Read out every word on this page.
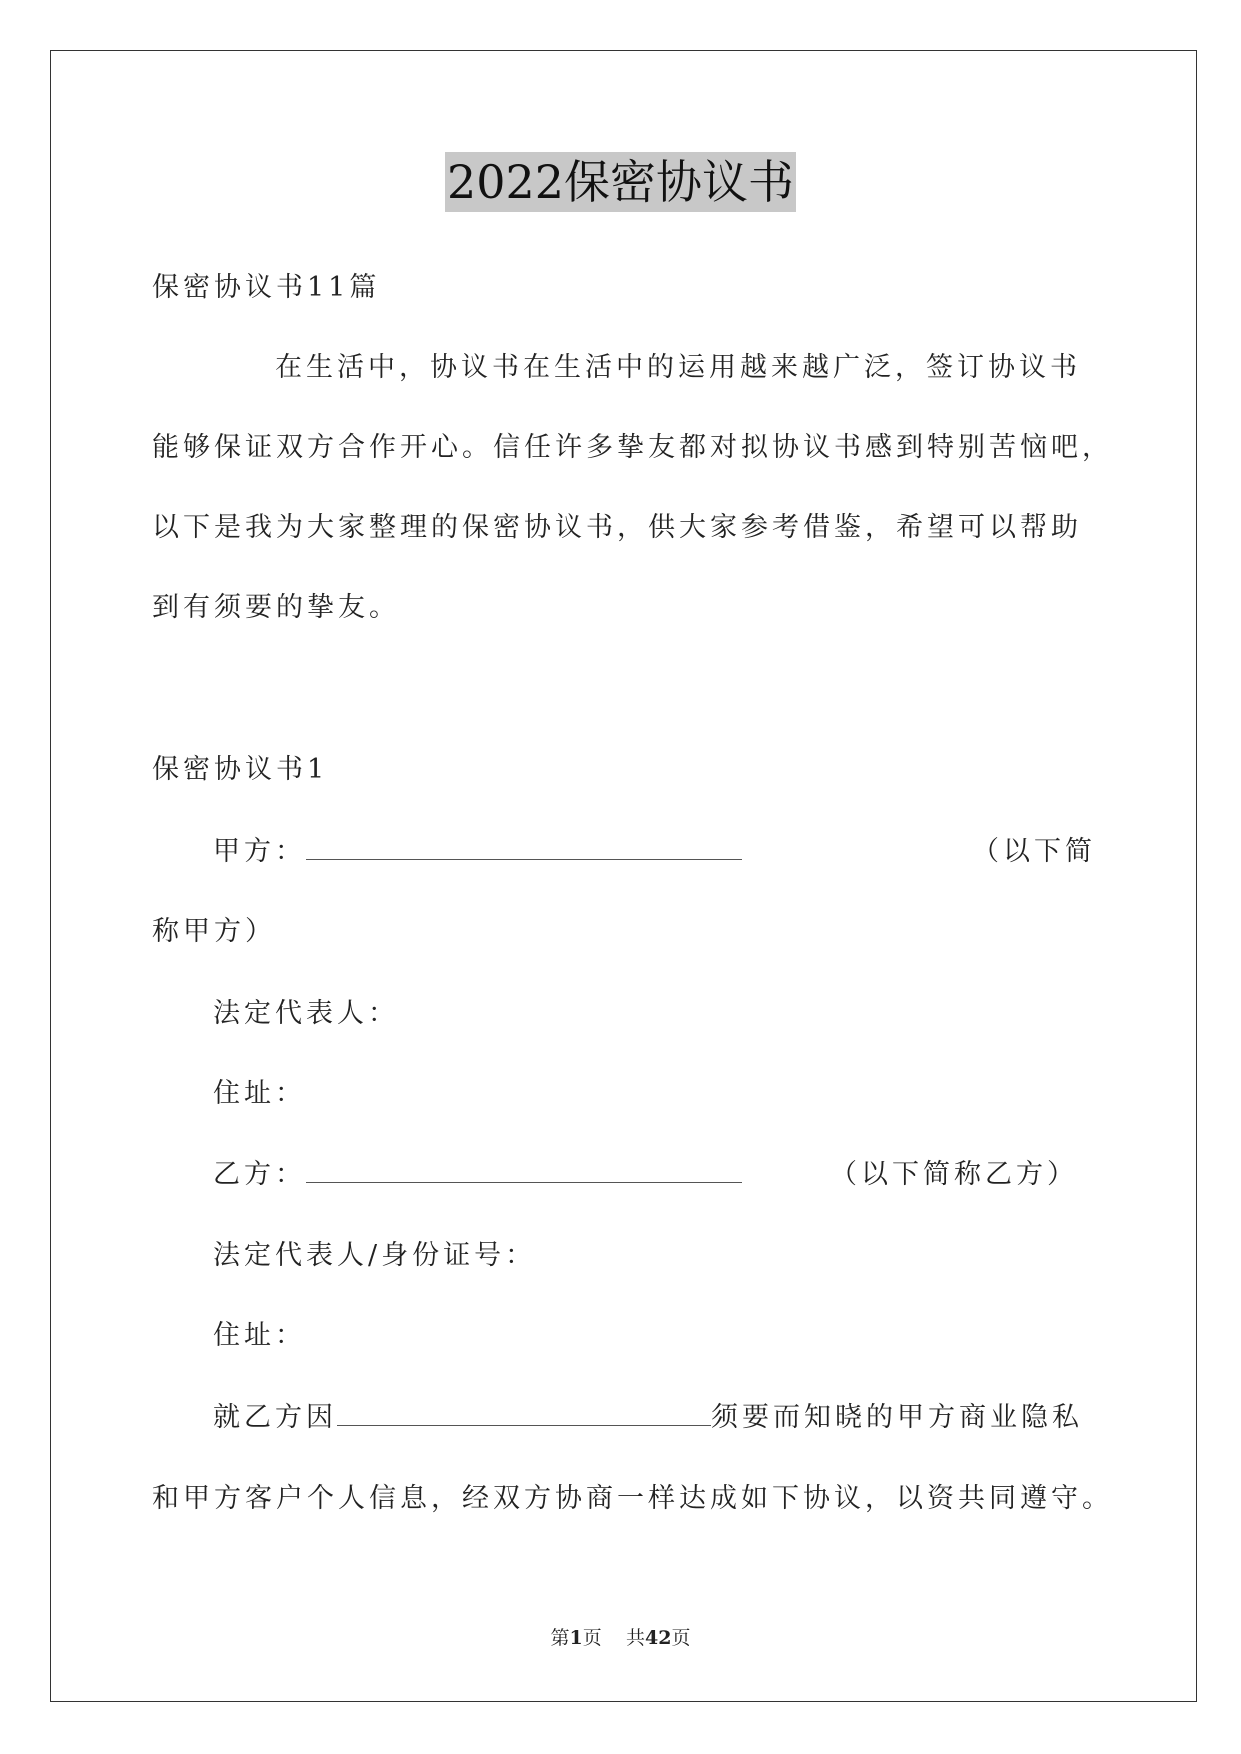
2022保密协议书
保密协议书11篇
在生活中，协议书在生活中的运用越来越广泛，签订协议书
能够保证双方合作开心。信任许多挚友都对拟协议书感到特别苦恼吧，
以下是我为大家整理的保密协议书，供大家参考借鉴，希望可以帮助
到有须要的挚友。
保密协议书1
甲方：	（以下简
称甲方）
法定代表人：
住址：
乙方：	（以下简称乙方）
法定代表人/身份证号：
住址：
就乙方因	须要而知晓的甲方商业隐私
和甲方客户个人信息，经双方协商一样达成如下协议，以资共同遵守。
第1页 共42页
